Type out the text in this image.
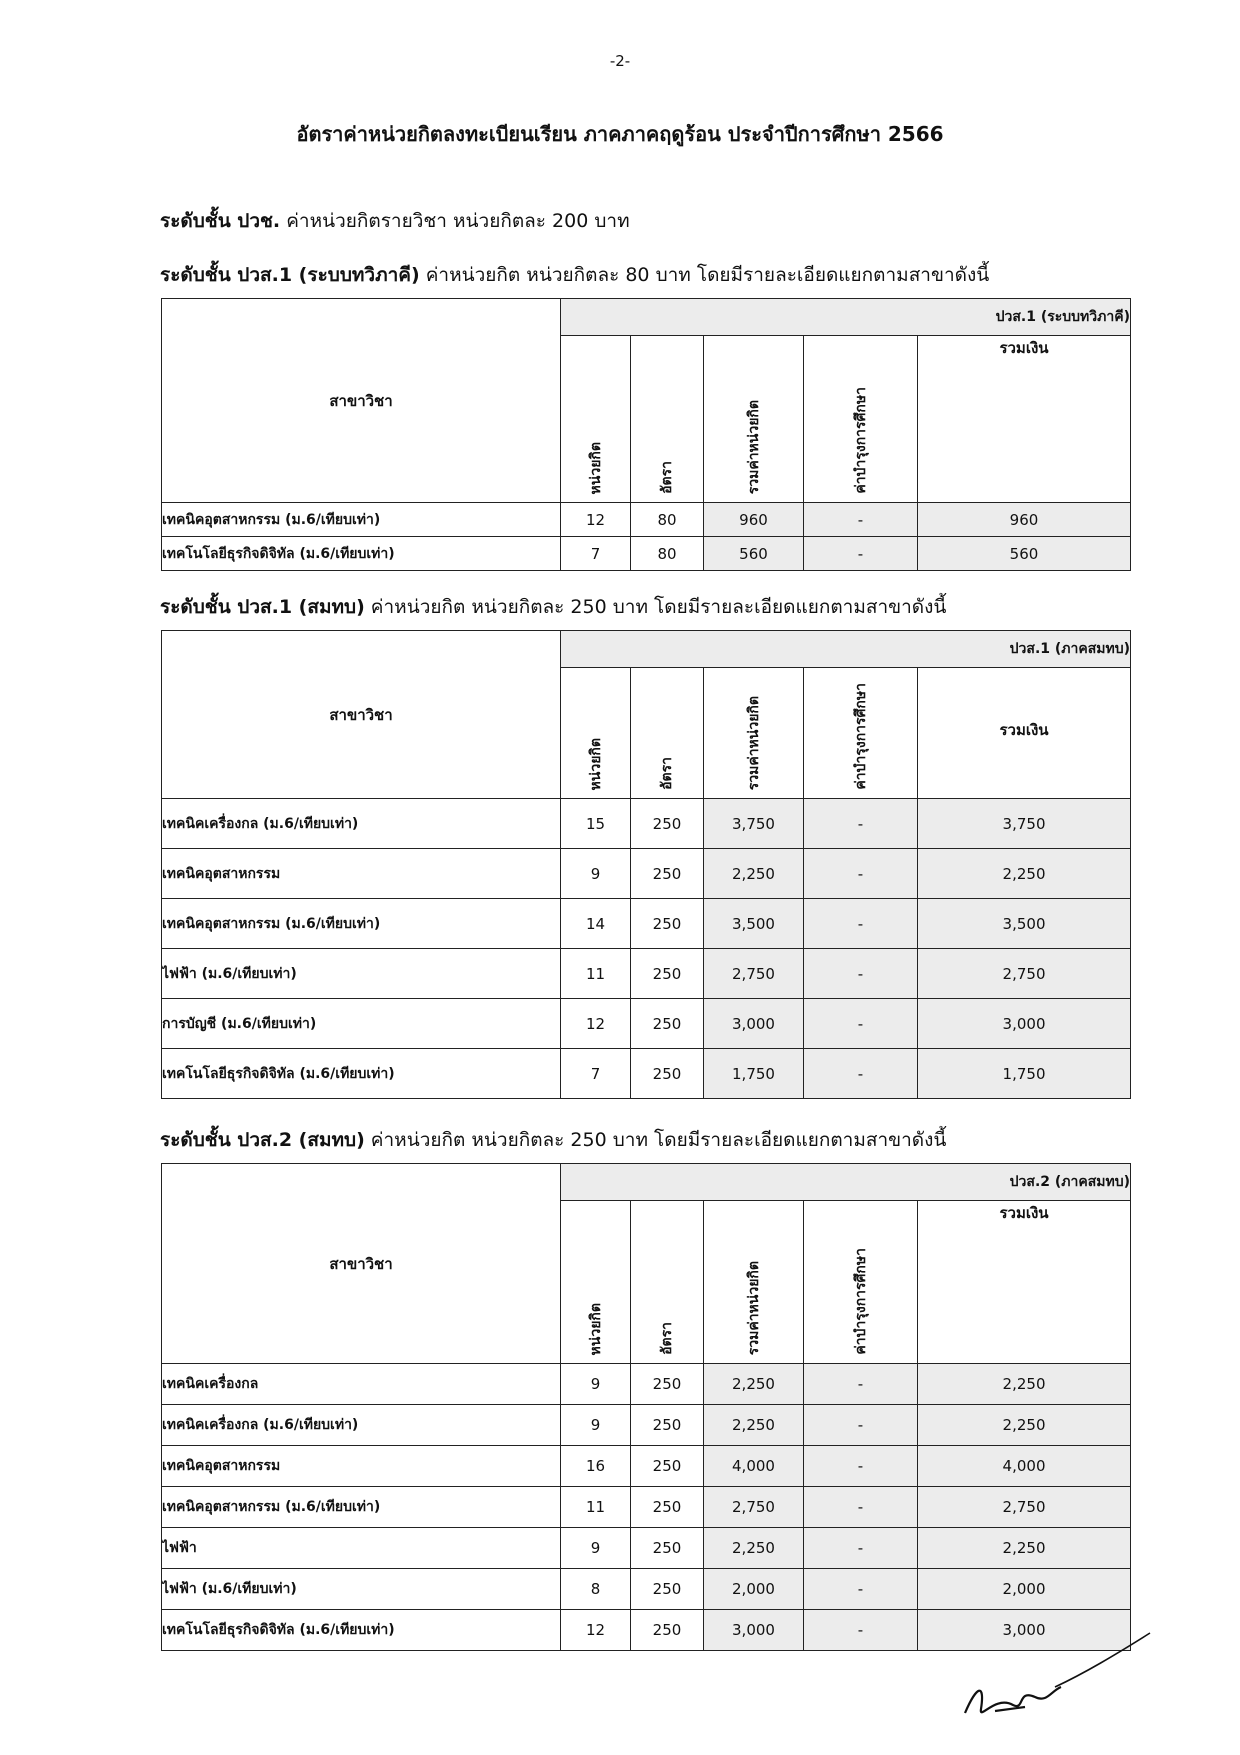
-2-
อัตราค่าหน่วยกิตลงทะเบียนเรียน ภาคภาคฤดูร้อน ประจำปีการศึกษา 2566
ระดับชั้น ปวช. ค่าหน่วยกิตรายวิชา หน่วยกิตละ 200 บาท
ระดับชั้น ปวส.1 (ระบบทวิภาคี) ค่าหน่วยกิต หน่วยกิตละ 80 บาท โดยมีรายละเอียดแยกตามสาขาดังนี้
สาขาวิชา	ปวส.1 (ระบบทวิภาคี)				

	หน่วยกิต	อัตรา	รวมค่าหน่วยกิต	ค่าบำรุงการศึกษา	รวมเงิน
เทคนิคอุตสาหกรรม (ม.6/เทียบเท่า)	12	80	960	-	960
เทคโนโลยีธุรกิจดิจิทัล (ม.6/เทียบเท่า)	7	80	560	-	560
ระดับชั้น ปวส.1 (สมทบ) ค่าหน่วยกิต หน่วยกิตละ 250 บาท โดยมีรายละเอียดแยกตามสาขาดังนี้
สาขาวิชา	ปวส.1 (ภาคสมทบ)				

	หน่วยกิต	อัตรา	รวมค่าหน่วยกิต	ค่าบำรุงการศึกษา	รวมเงิน
เทคนิคเครื่องกล (ม.6/เทียบเท่า)	15	250	3,750	-	3,750
เทคนิคอุตสาหกรรม	9	250	2,250	-	2,250
เทคนิคอุตสาหกรรม (ม.6/เทียบเท่า)	14	250	3,500	-	3,500
ไฟฟ้า (ม.6/เทียบเท่า)	11	250	2,750	-	2,750
การบัญชี (ม.6/เทียบเท่า)	12	250	3,000	-	3,000
เทคโนโลยีธุรกิจดิจิทัล (ม.6/เทียบเท่า)	7	250	1,750	-	1,750
ระดับชั้น ปวส.2 (สมทบ) ค่าหน่วยกิต หน่วยกิตละ 250 บาท โดยมีรายละเอียดแยกตามสาขาดังนี้
สาขาวิชา	ปวส.2 (ภาคสมทบ)				

	หน่วยกิต	อัตรา	รวมค่าหน่วยกิต	ค่าบำรุงการศึกษา	รวมเงิน
เทคนิคเครื่องกล	9	250	2,250	-	2,250
เทคนิคเครื่องกล (ม.6/เทียบเท่า)	9	250	2,250	-	2,250
เทคนิคอุตสาหกรรม	16	250	4,000	-	4,000
เทคนิคอุตสาหกรรม (ม.6/เทียบเท่า)	11	250	2,750	-	2,750
ไฟฟ้า	9	250	2,250	-	2,250
ไฟฟ้า (ม.6/เทียบเท่า)	8	250	2,000	-	2,000
เทคโนโลยีธุรกิจดิจิทัล (ม.6/เทียบเท่า)	12	250	3,000	-	3,000
